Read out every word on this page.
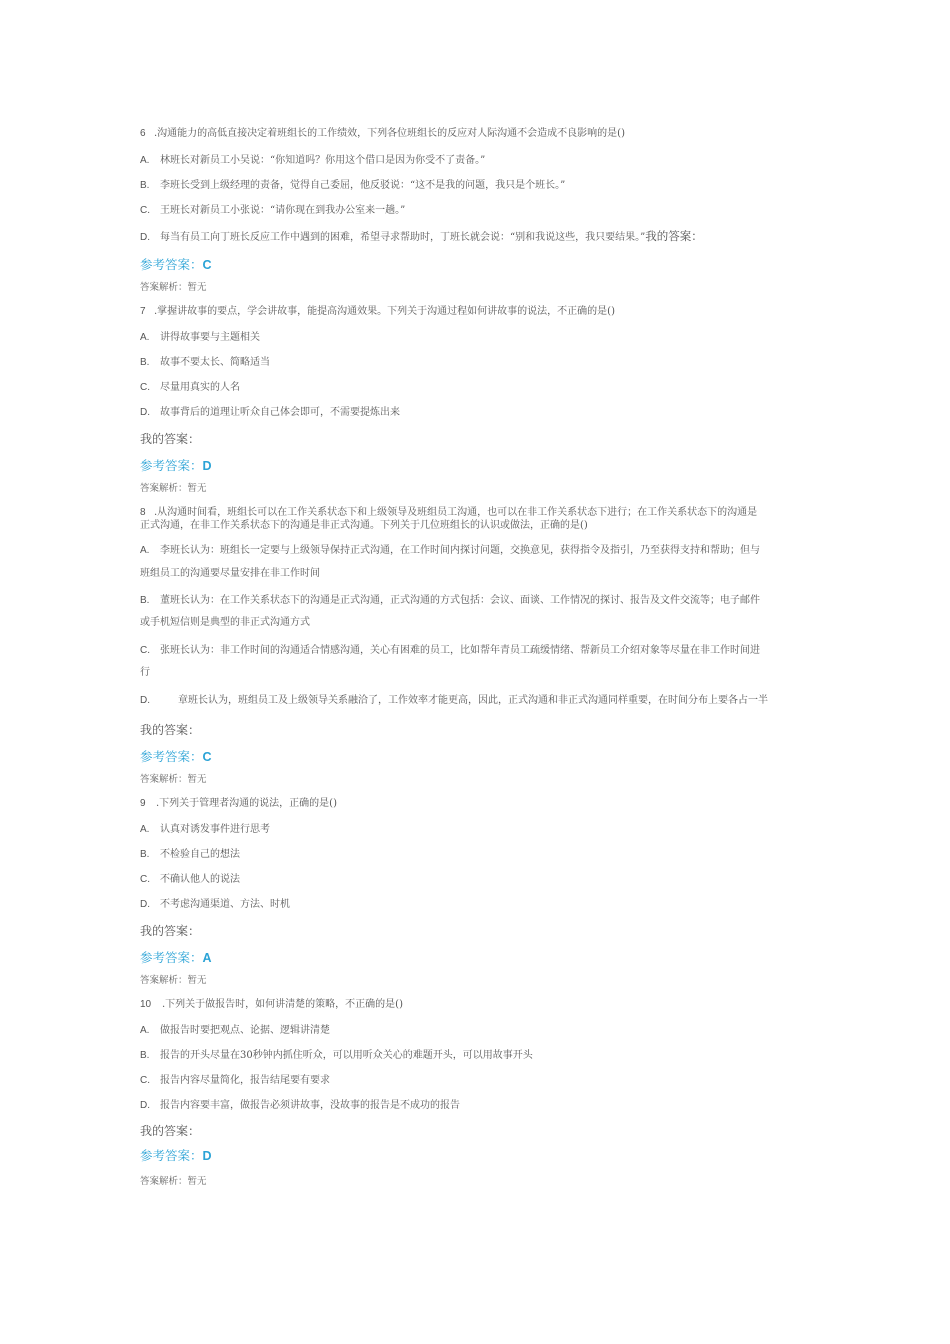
6 .沟通能力的高低直接决定着班组长的工作绩效，下列各位班组长的反应对人际沟通不会造成不良影响的是()
A. 林班长对新员工小吴说：“你知道吗？你用这个借口是因为你受不了责备。”
B. 李班长受到上级经理的责备，觉得自己委屈，他反驳说：“这不是我的问题，我只是个班长。”
C. 王班长对新员工小张说：“请你现在到我办公室来一趟。”
D. 每当有员工向丁班长反应工作中遇到的困难，希望寻求帮助时，丁班长就会说：“别和我说这些，我只要结果。”我的答案：
参考答案：C
答案解析：暂无
7 .掌握讲故事的要点，学会讲故事，能提高沟通效果。下列关于沟通过程如何讲故事的说法，不正确的是()
A. 讲得故事要与主题相关
B. 故事不要太长、简略适当
C. 尽量用真实的人名
D. 故事背后的道理让听众自己体会即可，不需要提炼出来
我的答案：
参考答案：D
答案解析：暂无
8 .从沟通时间看，班组长可以在工作关系状态下和上级领导及班组员工沟通，也可以在非工作关系状态下进行；在工作关系状态下的沟通是
正式沟通，在非工作关系状态下的沟通是非正式沟通。下列关于几位班组长的认识或做法，正确的是()
A. 李班长认为：班组长一定要与上级领导保持正式沟通，在工作时间内探讨问题，交换意见，获得指令及指引，乃至获得支持和帮助；但与
班组员工的沟通要尽量安排在非工作时间
B. 董班长认为：在工作关系状态下的沟通是正式沟通，正式沟通的方式包括：会议、面谈、工作情况的探讨、报告及文件交流等；电子邮件
或手机短信则是典型的非正式沟通方式
C. 张班长认为：非工作时间的沟通适合情感沟通，关心有困难的员工，比如帮年青员工疏缓情绪、帮新员工介绍对象等尽量在非工作时间进
行
D.	章班长认为，班组员工及上级领导关系融洽了，工作效率才能更高，因此，正式沟通和非正式沟通同样重要，在时间分布上要各占一半
我的答案：
参考答案：C
答案解析：暂无
9 .下列关于管理者沟通的说法，正确的是()
A. 认真对诱发事件进行思考
B. 不检验自己的想法
C. 不确认他人的说法
D. 不考虑沟通渠道、方法、时机
我的答案：
参考答案：A
答案解析：暂无
10 .下列关于做报告时，如何讲清楚的策略，不正确的是()
A. 做报告时要把观点、论据、逻辑讲清楚
B. 报告的开头尽量在30秒钟内抓住听众，可以用听众关心的难题开头，可以用故事开头
C. 报告内容尽量简化，报告结尾要有要求
D. 报告内容要丰富，做报告必须讲故事，没故事的报告是不成功的报告
我的答案：
参考答案：D
答案解析：暂无
